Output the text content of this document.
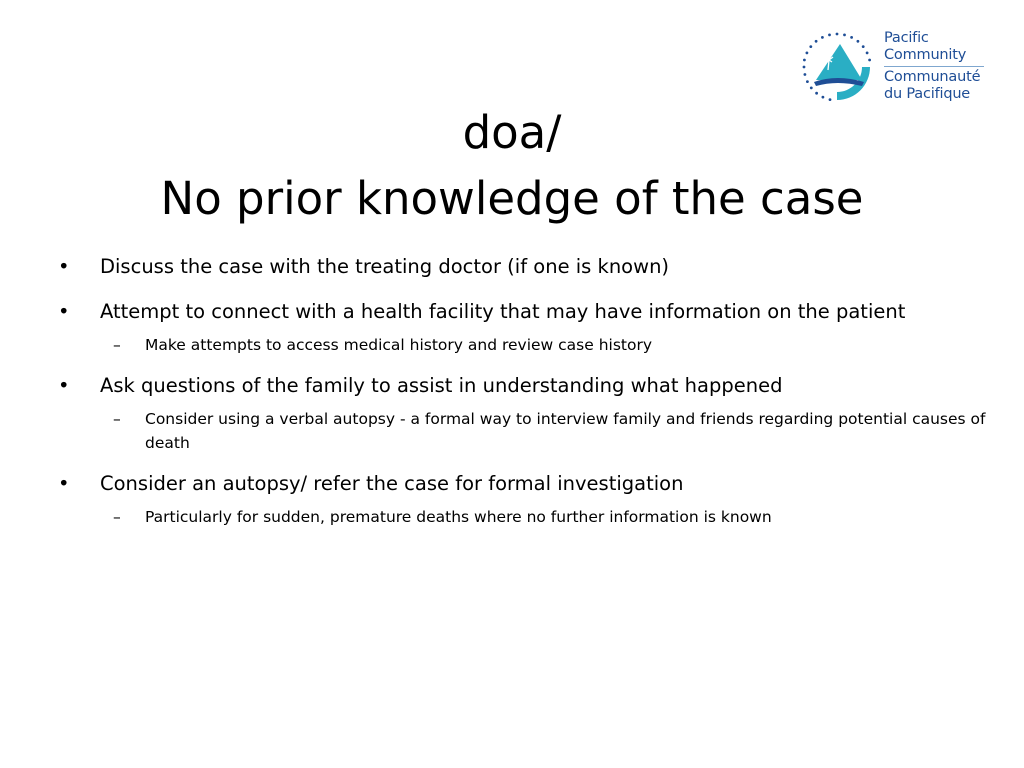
Pacific
Community
Communauté
du Pacifique
doa/
No prior knowledge of the case
• Discuss the case with the treating doctor (if one is known)
• Attempt to connect with a health facility that may have information on the patient
– Make attempts to access medical history and review case history
• Ask questions of the family to assist in understanding what happened
– Consider using a verbal autopsy - a formal way to interview family and friends regarding potential causes of death
• Consider an autopsy/ refer the case for formal investigation
– Particularly for sudden, premature deaths where no further information is known
